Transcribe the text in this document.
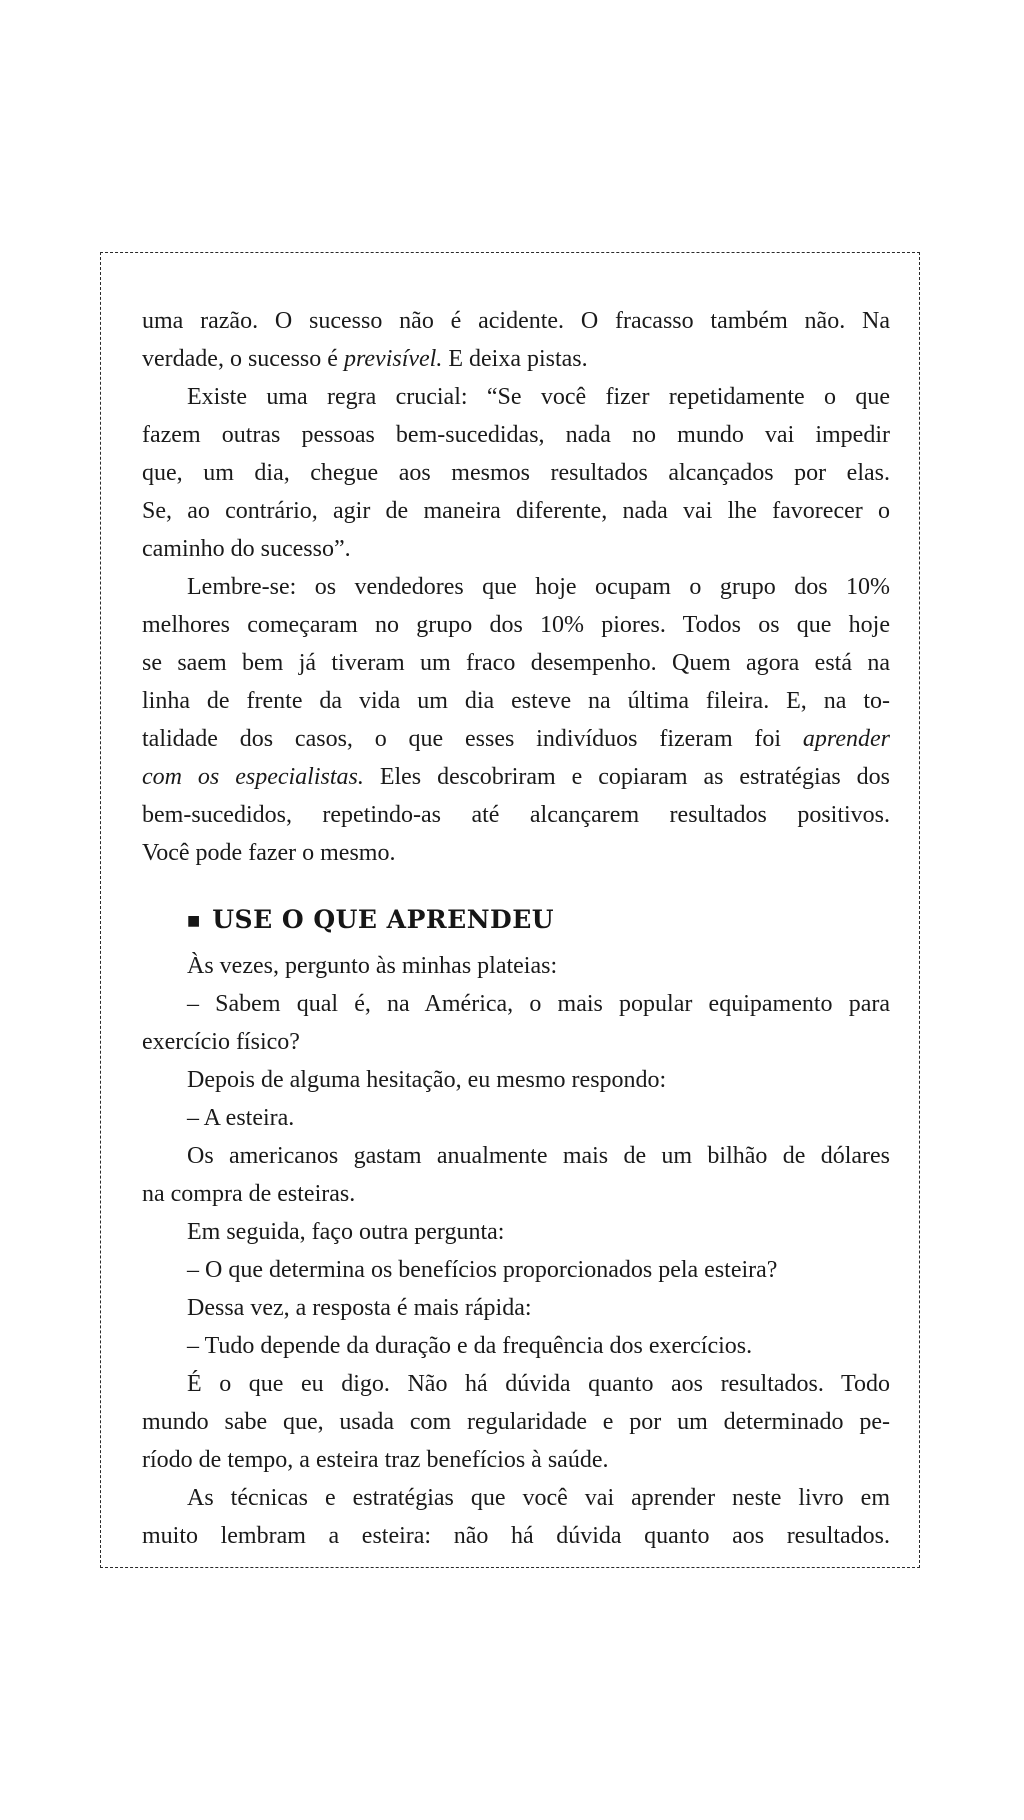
uma razão. O sucesso não é acidente. O fracasso também não. Na
verdade, o sucesso é previsível. E deixa pistas.
Existe uma regra crucial: “Se você fizer repetidamente o que
fazem outras pessoas bem-sucedidas, nada no mundo vai impedir
que, um dia, chegue aos mesmos resultados alcançados por elas.
Se, ao contrário, agir de maneira diferente, nada vai lhe favorecer o
caminho do sucesso”.
Lembre-se: os vendedores que hoje ocupam o grupo dos 10%
melhores começaram no grupo dos 10% piores. Todos os que hoje
se saem bem já tiveram um fraco desempenho. Quem agora está na
linha de frente da vida um dia esteve na última fileira. E, na to-
talidade dos casos, o que esses indivíduos fizeram foi aprender
com os especialistas. Eles descobriram e copiaram as estratégias dos
bem-sucedidos, repetindo-as até alcançarem resultados positivos.
Você pode fazer o mesmo.
■ USE O QUE APRENDEU
Às vezes, pergunto às minhas plateias:
– Sabem qual é, na América, o mais popular equipamento para
exercício físico?
Depois de alguma hesitação, eu mesmo respondo:
– A esteira.
Os americanos gastam anualmente mais de um bilhão de dólares
na compra de esteiras.
Em seguida, faço outra pergunta:
– O que determina os benefícios proporcionados pela esteira?
Dessa vez, a resposta é mais rápida:
– Tudo depende da duração e da frequência dos exercícios.
É o que eu digo. Não há dúvida quanto aos resultados. Todo
mundo sabe que, usada com regularidade e por um determinado pe-
ríodo de tempo, a esteira traz benefícios à saúde.
As técnicas e estratégias que você vai aprender neste livro em
muito lembram a esteira: não há dúvida quanto aos resultados.
